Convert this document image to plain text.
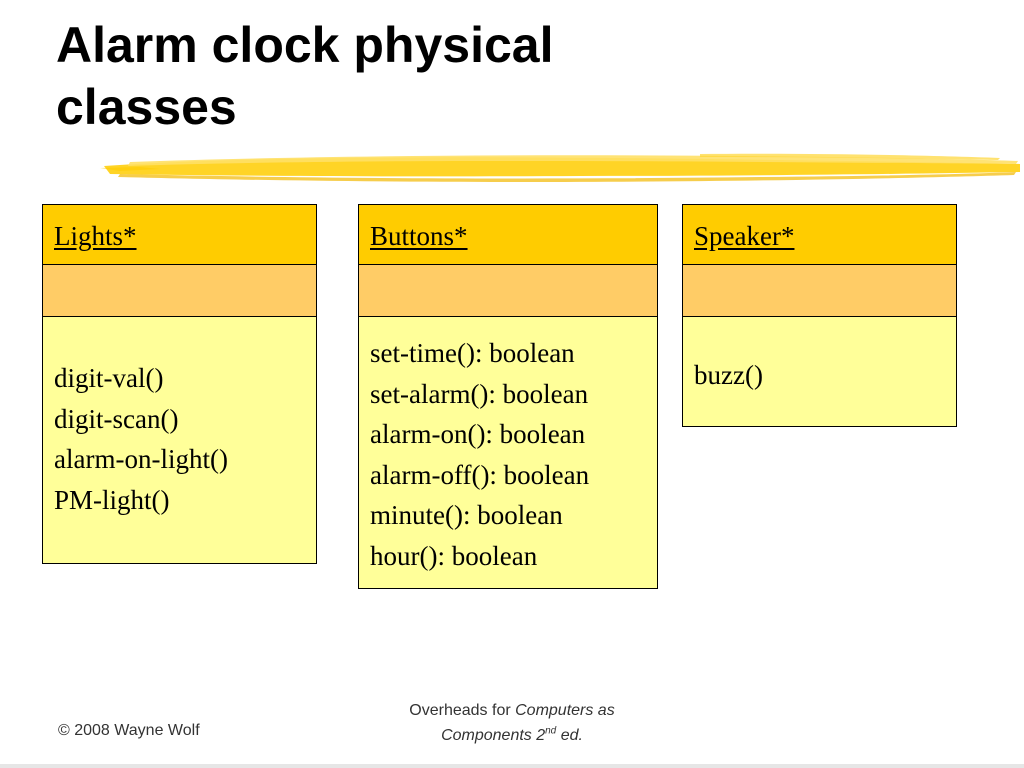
Alarm clock physical
classes
Lights*
digit-val()
digit-scan()
alarm-on-light()
PM-light()
Buttons*
set-time(): boolean
set-alarm(): boolean
alarm-on(): boolean
alarm-off(): boolean
minute(): boolean
hour(): boolean
Speaker*
buzz()
© 2008 Wayne Wolf
Overheads for Computers as
Components 2nd ed.
